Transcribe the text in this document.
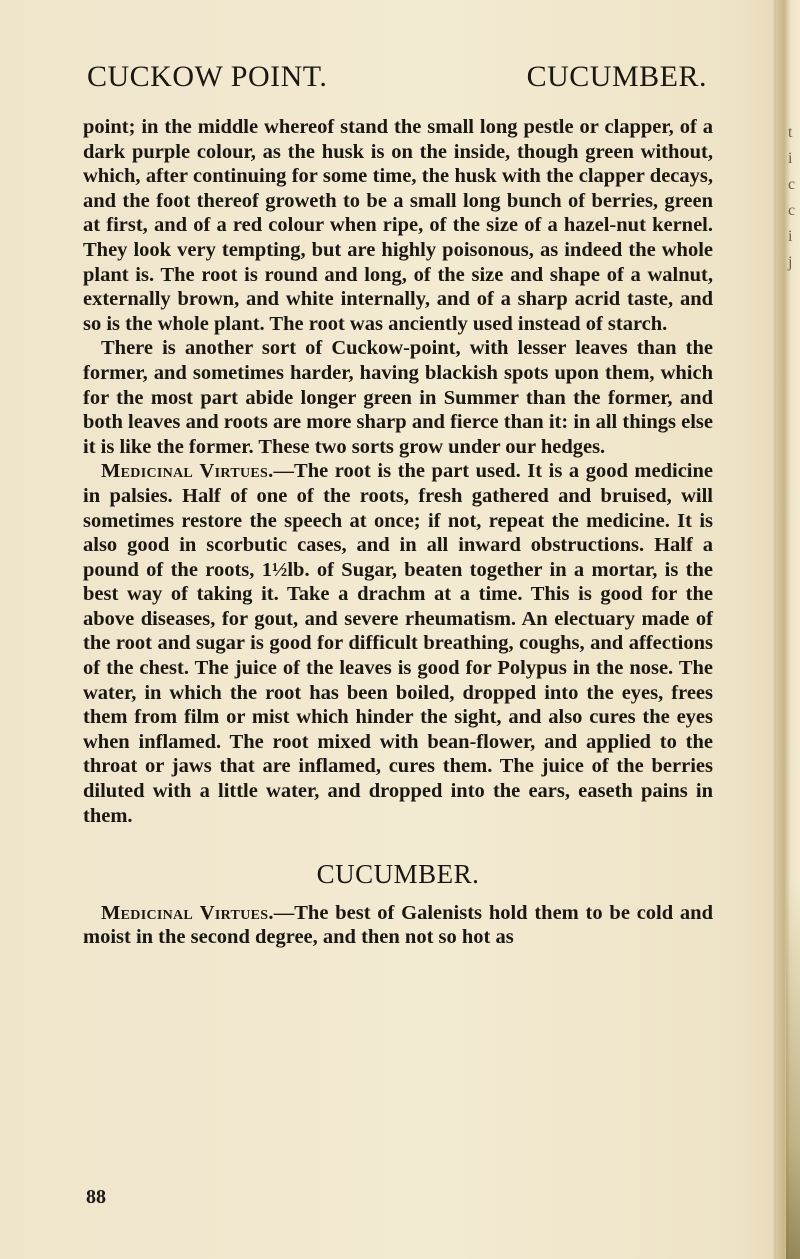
t
i
c
c
i
j
CUCKOW POINT.	CUCUMBER.

point; in the middle whereof stand the small long pestle or clapper, of a dark purple colour, as the husk is on the inside, though green without, which, after continuing for some time, the husk with the clapper decays, and the foot thereof groweth to be a small long bunch of berries, green at first, and of a red colour when ripe, of the size of a hazel-nut kernel. They look very tempting, but are highly poisonous, as indeed the whole plant is. The root is round and long, of the size and shape of a walnut, externally brown, and white internally, and of a sharp acrid taste, and so is the whole plant. The root was anciently used instead of starch.

There is another sort of Cuckow-point, with lesser leaves than the former, and sometimes harder, having blackish spots upon them, which for the most part abide longer green in Summer than the former, and both leaves and roots are more sharp and fierce than it: in all things else it is like the former. These two sorts grow under our hedges.

Medicinal Virtues.—The root is the part used. It is a good medicine in palsies. Half of one of the roots, fresh gathered and bruised, will sometimes restore the speech at once; if not, repeat the medicine. It is also good in scorbutic cases, and in all inward obstructions. Half a pound of the roots, 1½lb. of Sugar, beaten together in a mortar, is the best way of taking it. Take a drachm at a time. This is good for the above diseases, for gout, and severe rheumatism. An electuary made of the root and sugar is good for difficult breathing, coughs, and affections of the chest. The juice of the leaves is good for Polypus in the nose. The water, in which the root has been boiled, dropped into the eyes, frees them from film or mist which hinder the sight, and also cures the eyes when inflamed. The root mixed with bean-flower, and applied to the throat or jaws that are inflamed, cures them. The juice of the berries diluted with a little water, and dropped into the ears, easeth pains in them.

CUCUMBER.

Medicinal Virtues.—The best of Galenists hold them to be cold and moist in the second degree, and then not so hot as

88
